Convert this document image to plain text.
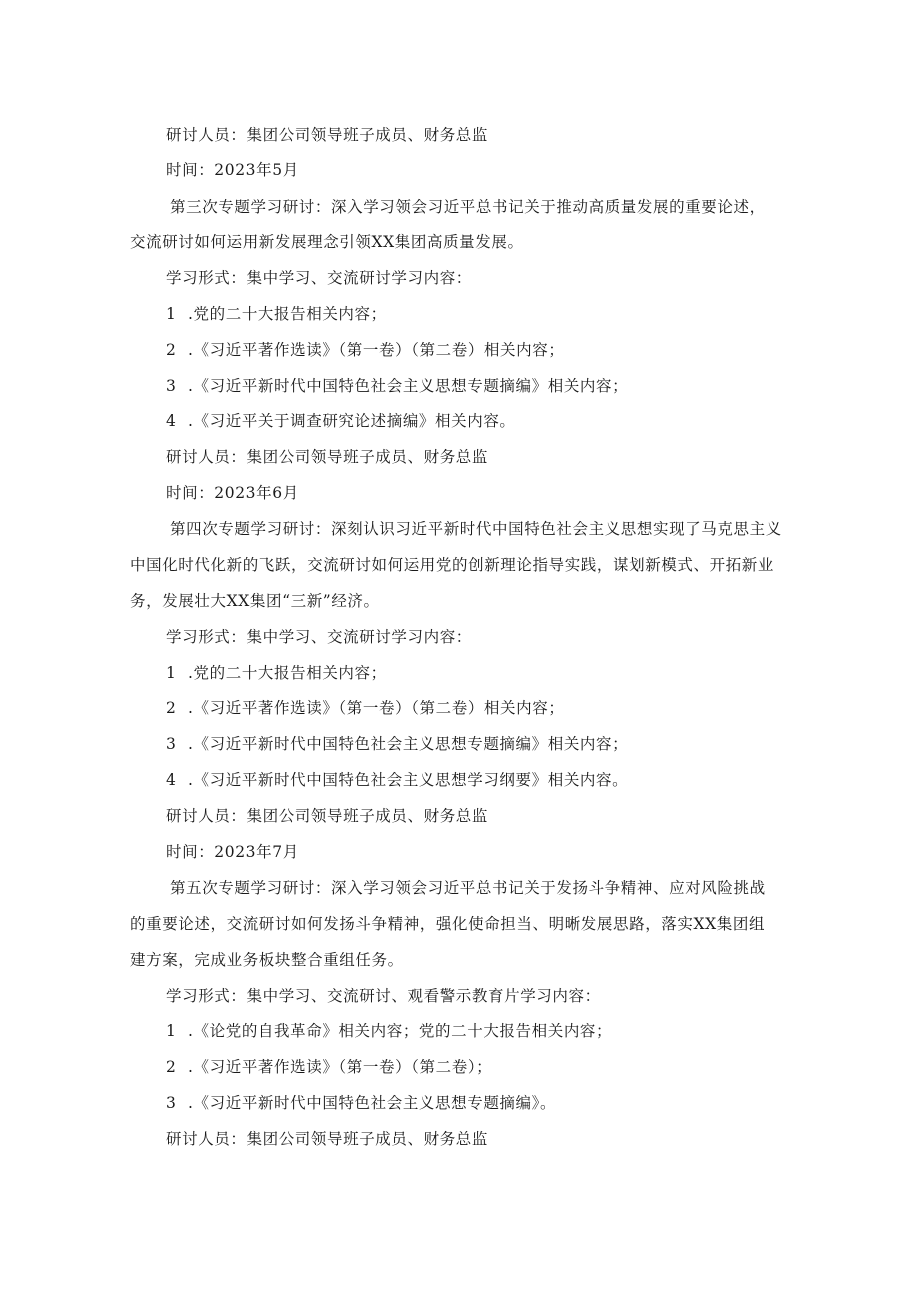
研讨人员：集团公司领导班子成员、财务总监
时间：2023年5月
第三次专题学习研讨：深入学习领会习近平总书记关于推动高质量发展的重要论述，
交流研讨如何运用新发展理念引领XX集团高质量发展。
学习形式：集中学习、交流研讨学习内容：
1 .党的二十大报告相关内容；
2 .《习近平著作选读》（第一卷）（第二卷）相关内容；
3 .《习近平新时代中国特色社会主义思想专题摘编》相关内容；
4 .《习近平关于调查研究论述摘编》相关内容。
研讨人员：集团公司领导班子成员、财务总监
时间：2023年6月
第四次专题学习研讨：深刻认识习近平新时代中国特色社会主义思想实现了马克思主义
中国化时代化新的飞跃，交流研讨如何运用党的创新理论指导实践，谋划新模式、开拓新业
务，发展壮大XX集团“三新”经济。
学习形式：集中学习、交流研讨学习内容：
1 .党的二十大报告相关内容；
2 .《习近平著作选读》（第一卷）（第二卷）相关内容；
3 .《习近平新时代中国特色社会主义思想专题摘编》相关内容；
4 .《习近平新时代中国特色社会主义思想学习纲要》相关内容。
研讨人员：集团公司领导班子成员、财务总监
时间：2023年7月
第五次专题学习研讨：深入学习领会习近平总书记关于发扬斗争精神、应对风险挑战
的重要论述，交流研讨如何发扬斗争精神，强化使命担当、明晰发展思路，落实XX集团组
建方案，完成业务板块整合重组任务。
学习形式：集中学习、交流研讨、观看警示教育片学习内容：
1 .《论党的自我革命》相关内容；党的二十大报告相关内容；
2 .《习近平著作选读》（第一卷）（第二卷）；
3 .《习近平新时代中国特色社会主义思想专题摘编》。
研讨人员：集团公司领导班子成员、财务总监
